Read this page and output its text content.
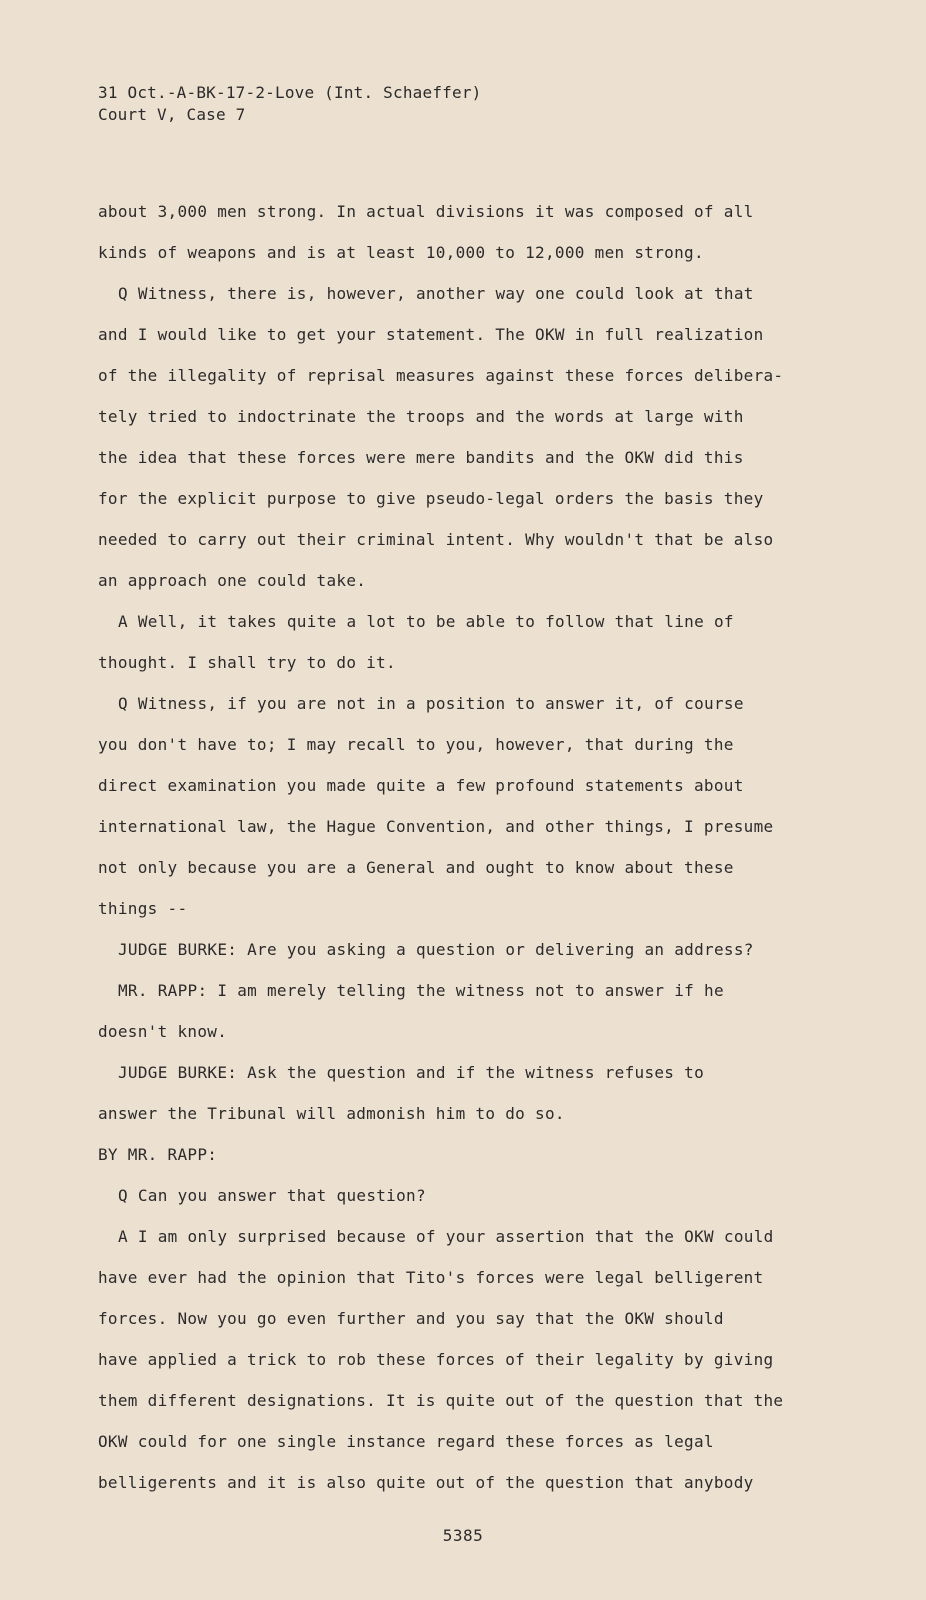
31 Oct.-A-BK-17-2-Love (Int. Schaeffer)
Court V, Case 7
about 3,000 men strong. In actual divisions it was composed of all
kinds of weapons and is at least 10,000 to 12,000 men strong.
Q Witness, there is, however, another way one could look at that
and I would like to get your statement. The OKW in full realization
of the illegality of reprisal measures against these forces delibera-
tely tried to indoctrinate the troops and the words at large with
the idea that these forces were mere bandits and the OKW did this
for the explicit purpose to give pseudo-legal orders the basis they
needed to carry out their criminal intent. Why wouldn't that be also
an approach one could take.
A Well, it takes quite a lot to be able to follow that line of
thought. I shall try to do it.
Q Witness, if you are not in a position to answer it, of course
you don't have to; I may recall to you, however, that during the
direct examination you made quite a few profound statements about
international law, the Hague Convention, and other things, I presume
not only because you are a General and ought to know about these
things --
JUDGE BURKE: Are you asking a question or delivering an address?
MR. RAPP: I am merely telling the witness not to answer if he
doesn't know.
JUDGE BURKE: Ask the question and if the witness refuses to
answer the Tribunal will admonish him to do so.
BY MR. RAPP:
Q Can you answer that question?
A I am only surprised because of your assertion that the OKW could
have ever had the opinion that Tito's forces were legal belligerent
forces. Now you go even further and you say that the OKW should
have applied a trick to rob these forces of their legality by giving
them different designations. It is quite out of the question that the
OKW could for one single instance regard these forces as legal
belligerents and it is also quite out of the question that anybody
5385
